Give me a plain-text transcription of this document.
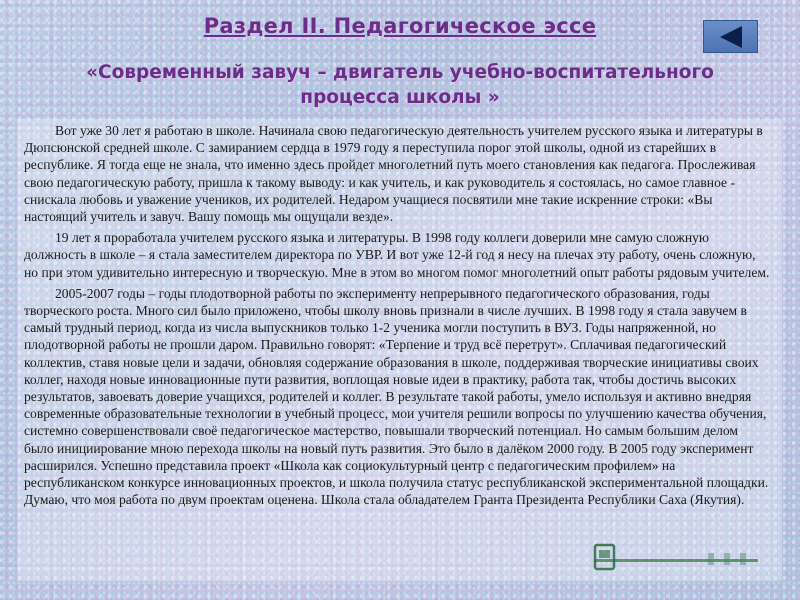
Раздел II. Педагогическое эссе
«Современный завуч – двигатель учебно-воспитательного
процесса школы »

Вот уже 30 лет я работаю в школе. Начинала свою педагогическую деятельность учителем русского языка и литературы в Дюпсюнской средней школе. С замиранием сердца в 1979 году я переступила порог этой школы, одной из старейших в республике. Я тогда еще не знала, что именно здесь пройдет многолетний путь моего становления как педагога. Прослеживая свою педагогическую работу, пришла к такому выводу: и как учитель, и как руководитель я состоялась, но самое главное - снискала любовь и уважение учеников, их родителей. Недаром учащиеся посвятили мне такие искренние строки: «Вы настоящий учитель и завуч. Вашу помощь мы ощущали везде».

19 лет я проработала учителем русского языка и литературы. В 1998 году коллеги доверили мне самую сложную должность в школе – я стала заместителем директора по УВР. И вот уже 12-й год я несу на плечах эту работу, очень сложную, но при этом удивительно интересную и творческую. Мне в этом во многом помог многолетний опыт работы рядовым учителем.

2005-2007 годы – годы плодотворной работы по эксперименту непрерывного педагогического образования, годы творческого роста. Много сил было приложено, чтобы школу вновь признали в числе лучших. В 1998 году я стала завучем в самый трудный период, когда из числа выпускников только 1-2 ученика могли поступить в ВУЗ. Годы напряженной, но плодотворной работы не прошли даром. Правильно говорят: «Терпение и труд всё перетрут». Сплачивая педагогический коллектив, ставя новые цели и задачи, обновляя содержание образования в школе, поддерживая творческие инициативы своих коллег, находя новые инновационные пути развития, воплощая новые идеи в практику, работа так, чтобы достичь высоких результатов, завоевать доверие учащихся, родителей и коллег. В результате такой работы, умело используя и активно внедряя современные образовательные технологии в учебный процесс, мои учителя решили вопросы по улучшению качества обучения, системно совершенствовали своё педагогическое мастерство, повышали творческий потенциал. Но самым большим делом было инициирование мною перехода школы на новый путь развития. Это было в далёком 2000 году. В 2005 году эксперимент расширился. Успешно представила проект «Школа как социокультурный центр с педагогическим профилем» на республиканском конкурсе инновационных проектов, и школа получила статус республиканской экспериментальной площадки. Думаю, что моя работа по двум проектам оценена. Школа стала обладателем Гранта Президента Республики Саха (Якутия).
